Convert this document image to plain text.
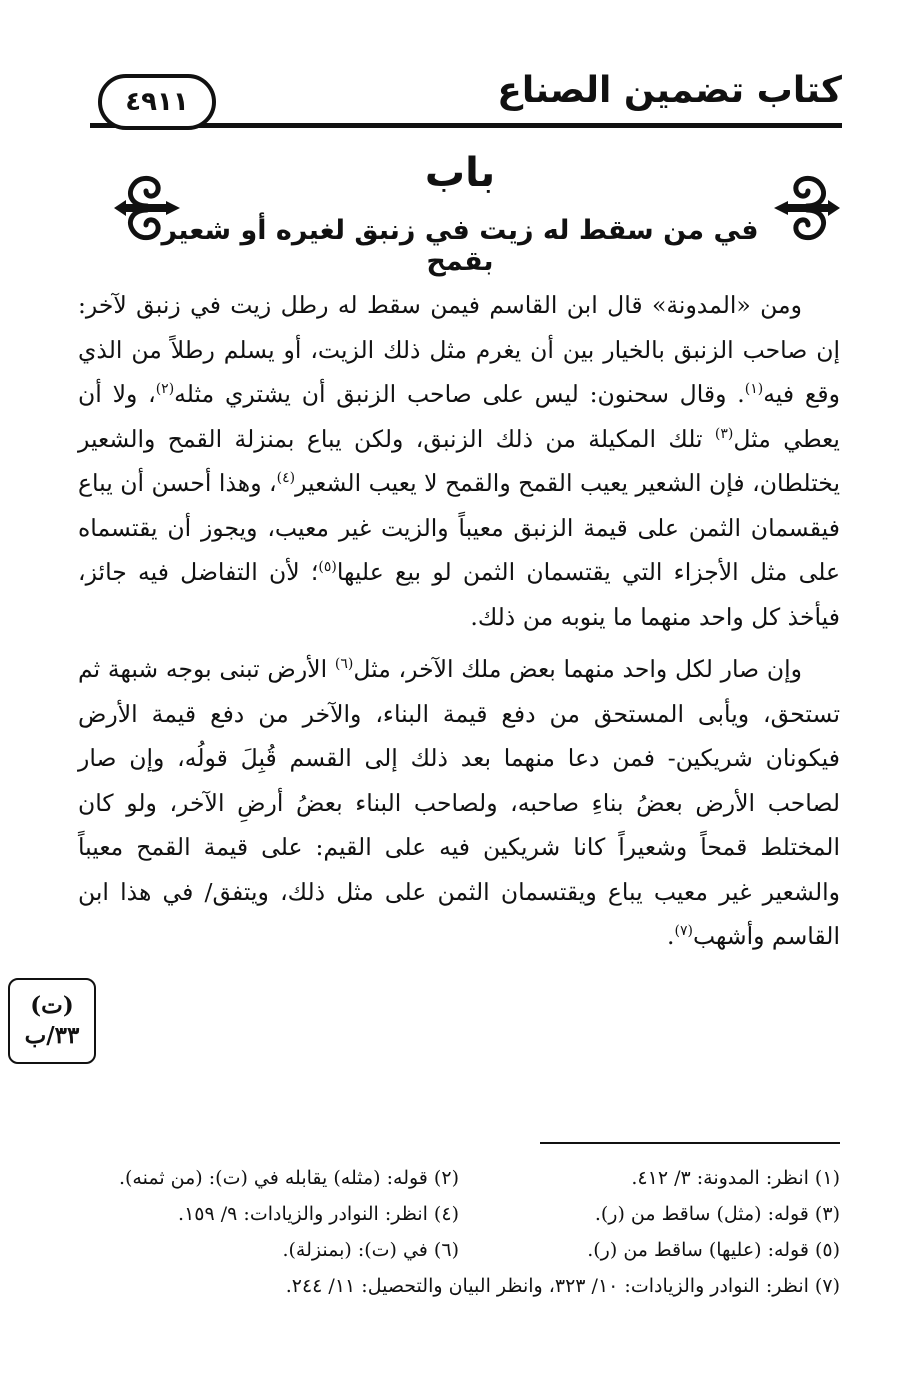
كتاب تضمين الصناع
٤٩١١
باب
في من سقط له زيت في زنبق لغيره أو شعير بقمح

ومن «المدونة» قال ابن القاسم فيمن سقط له رطل زيت في زنبق لآخر: إن صاحب الزنبق بالخيار بين أن يغرم مثل ذلك الزيت، أو يسلم رطلاً من الذي وقع فيه$^{(١)}$. وقال سحنون: ليس على صاحب الزنبق أن يشتري مثله$^{(٢)}$، ولا أن يعطي مثل$^{(٣)}$ تلك المكيلة من ذلك الزنبق، ولكن يباع بمنزلة القمح والشعير يختلطان، فإن الشعير يعيب القمح والقمح لا يعيب الشعير$^{(٤)}$، وهذا أحسن أن يباع فيقسمان الثمن على قيمة الزنبق معيباً والزيت غير معيب، ويجوز أن يقتسماه على مثل الأجزاء التي يقتسمان الثمن لو بيع عليها$^{(٥)}$؛ لأن التفاضل فيه جائز، فيأخذ كل واحد منهما ما ينوبه من ذلك.

وإن صار لكل واحد منهما بعض ملك الآخر، مثل$^{(٦)}$ الأرض تبنى بوجه شبهة ثم تستحق، ويأبى المستحق من دفع قيمة البناء، والآخر من دفع قيمة الأرض فيكونان شريكين- فمن دعا منهما بعد ذلك إلى القسم قُبِلَ قولُه، وإن صار لصاحب الأرض بعضُ بناءِ صاحبه، ولصاحب البناء بعضُ أرضِ الآخر، ولو كان المختلط قمحاً وشعيراً كانا شريكين فيه على القيم: على قيمة القمح معيباً والشعير غير معيب يباع ويقتسمان الثمن على مثل ذلك، ويتفق/ في هذا ابن القاسم وأشهب$^{(٧)}$.

(ت)
٣٣/ب
(١) انظر: المدونة: ٣/ ٤١٢.
(٢) قوله: (مثله) يقابله في (ت): (من ثمنه).
(٣) قوله: (مثل) ساقط من (ر).
(٤) انظر: النوادر والزيادات: ٩/ ١٥٩.
(٥) قوله: (عليها) ساقط من (ر).
(٦) في (ت): (بمنزلة).
(٧) انظر: النوادر والزيادات: ١٠/ ٣٢٣، وانظر البيان والتحصيل: ١١/ ٢٤٤.
